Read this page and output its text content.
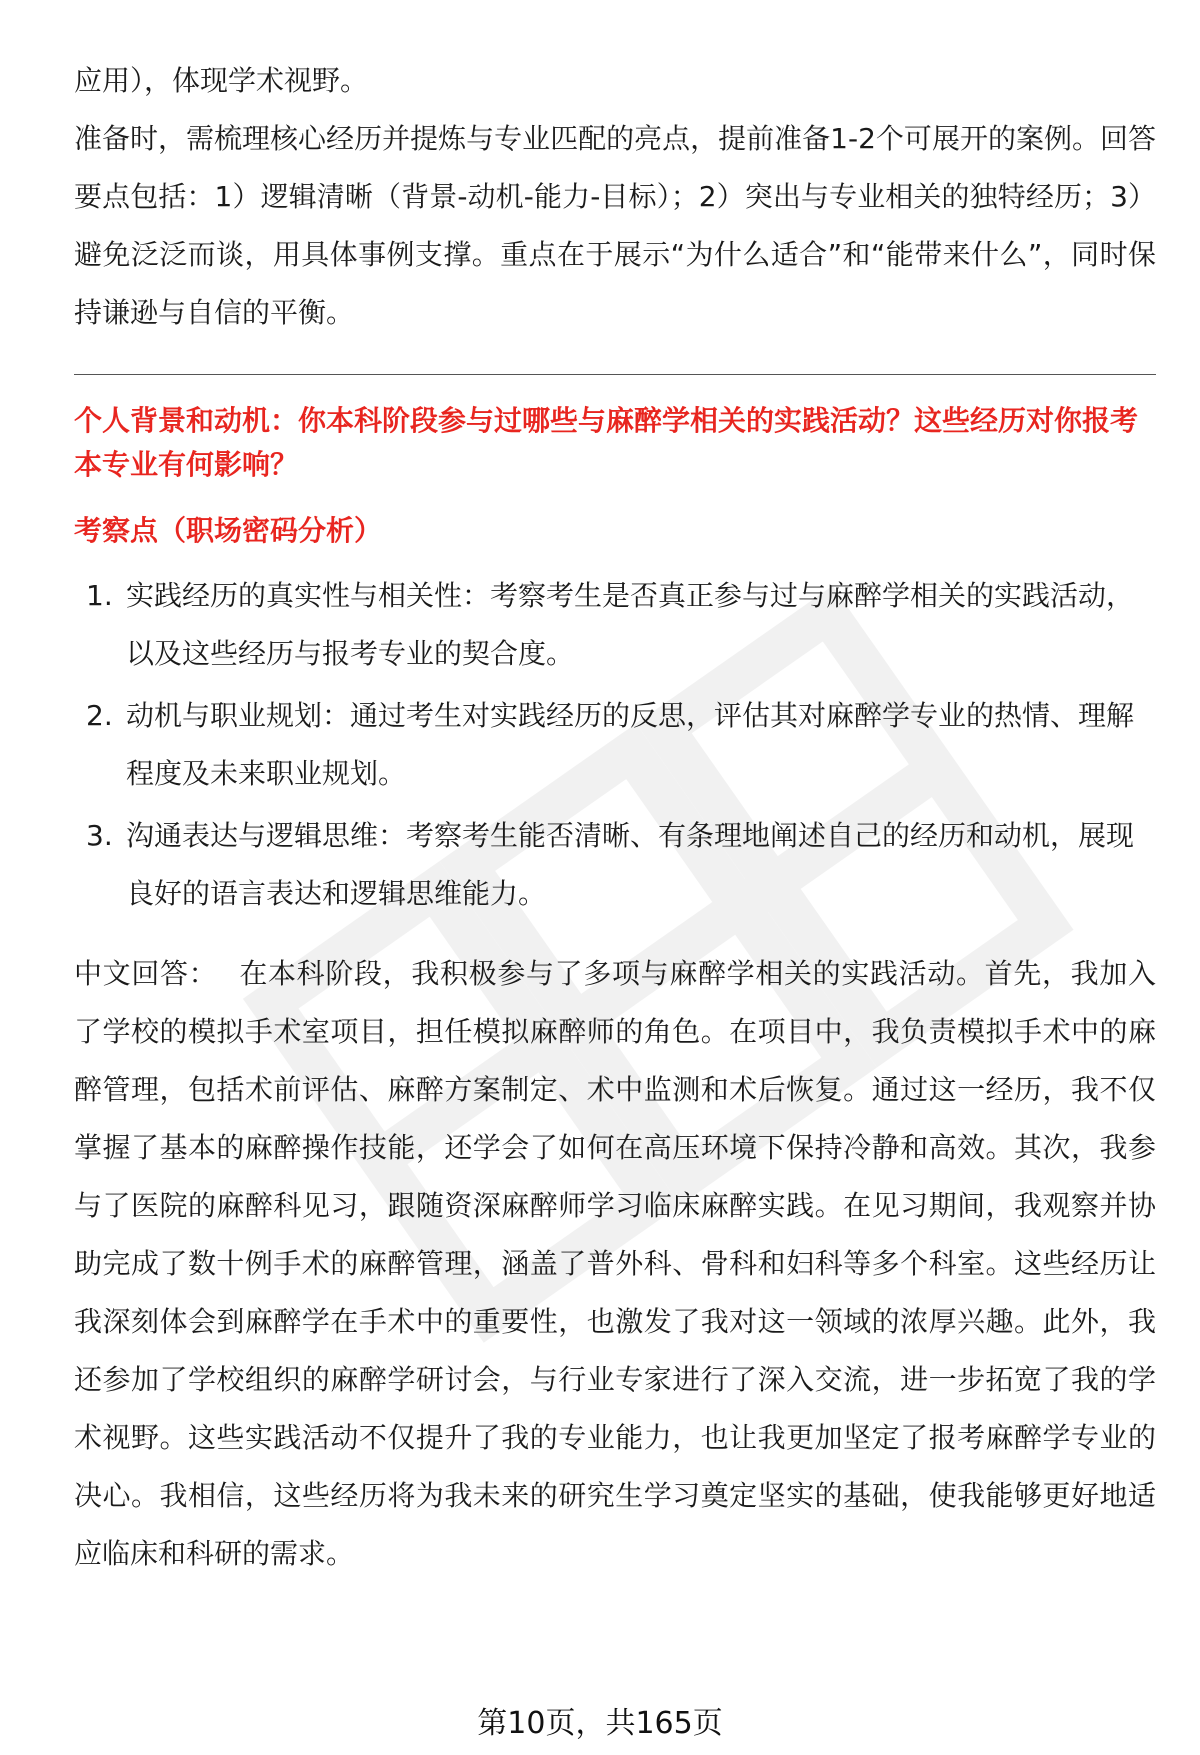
应用），体现学术视野。

准备时，需梳理核心经历并提炼与专业匹配的亮点，提前准备1-2个可展开的案例。回答要点包括：1）逻辑清晰（背景-动机-能力-目标）；2）突出与专业相关的独特经历；3）避免泛泛而谈，用具体事例支撑。重点在于展示“为什么适合”和“能带来什么”，同时保持谦逊与自信的平衡。

个人背景和动机：你本科阶段参与过哪些与麻醉学相关的实践活动？这些经历对你报考本专业有何影响？

考察点（职场密码分析）

1. 实践经历的真实性与相关性：考察考生是否真正参与过与麻醉学相关的实践活动，以及这些经历与报考专业的契合度。
2. 动机与职业规划：通过考生对实践经历的反思，评估其对麻醉学专业的热情、理解程度及未来职业规划。
3. 沟通表达与逻辑思维：考察考生能否清晰、有条理地阐述自己的经历和动机，展现良好的语言表达和逻辑思维能力。

中文回答： 在本科阶段，我积极参与了多项与麻醉学相关的实践活动。首先，我加入了学校的模拟手术室项目，担任模拟麻醉师的角色。在项目中，我负责模拟手术中的麻醉管理，包括术前评估、麻醉方案制定、术中监测和术后恢复。通过这一经历，我不仅掌握了基本的麻醉操作技能，还学会了如何在高压环境下保持冷静和高效。其次，我参与了医院的麻醉科见习，跟随资深麻醉师学习临床麻醉实践。在见习期间，我观察并协助完成了数十例手术的麻醉管理，涵盖了普外科、骨科和妇科等多个科室。这些经历让我深刻体会到麻醉学在手术中的重要性，也激发了我对这一领域的浓厚兴趣。此外，我还参加了学校组织的麻醉学研讨会，与行业专家进行了深入交流，进一步拓宽了我的学术视野。这些实践活动不仅提升了我的专业能力，也让我更加坚定了报考麻醉学专业的决心。我相信，这些经历将为我未来的研究生学习奠定坚实的基础，使我能够更好地适应临床和科研的需求。

第10页，共165页
